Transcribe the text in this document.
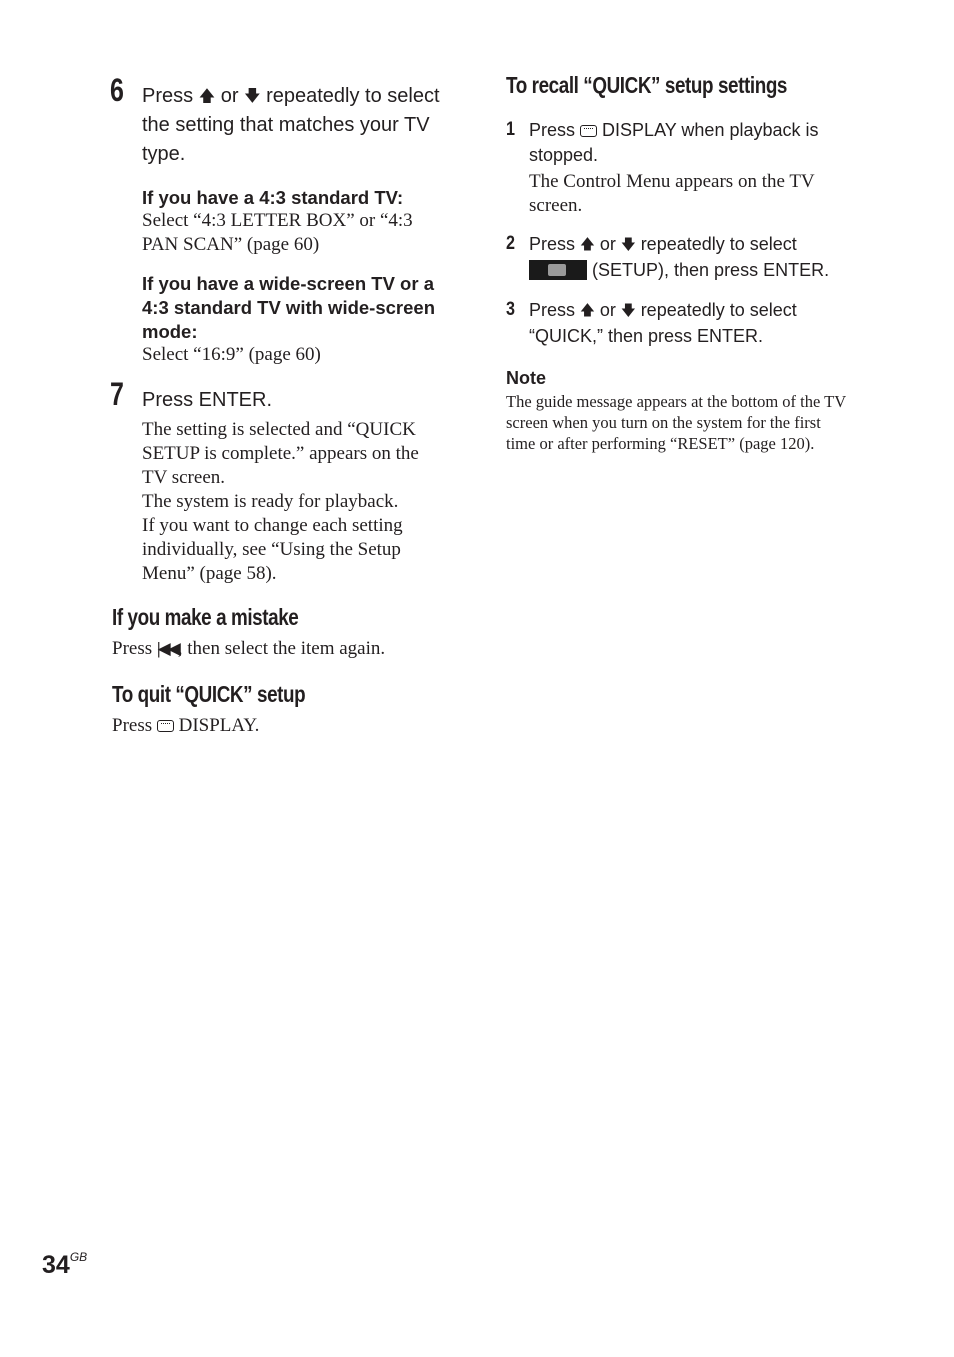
6 Press 🡅 or 🡇 repeatedly to select
the setting that matches your TV
type.
If you have a 4:3 standard TV:
Select “4:3 LETTER BOX” or “4:3 PAN SCAN” (page 60)
If you have a wide-screen TV or a 4:3 standard TV with wide-screen mode:
Select “16:9” (page 60)
7 Press ENTER.
The setting is selected and “QUICK SETUP is complete.” appears on the TV screen.
The system is ready for playback.
If you want to change each setting individually, see “Using the Setup Menu” (page 58).
If you make a mistake
Press |◀◀, then select the item again.
To quit “QUICK” setup
Press DISPLAY.
To recall “QUICK” setup settings
1 Press DISPLAY when playback is
stopped.
The Control Menu appears on the TV screen.
2 Press 🡅 or 🡇 repeatedly to select
(SETUP), then press ENTER.
3 Press 🡅 or 🡇 repeatedly to select
“QUICK,” then press ENTER.
Note
The guide message appears at the bottom of the TV screen when you turn on the system for the first time or after performing “RESET” (page 120).
$34^{GB}$
